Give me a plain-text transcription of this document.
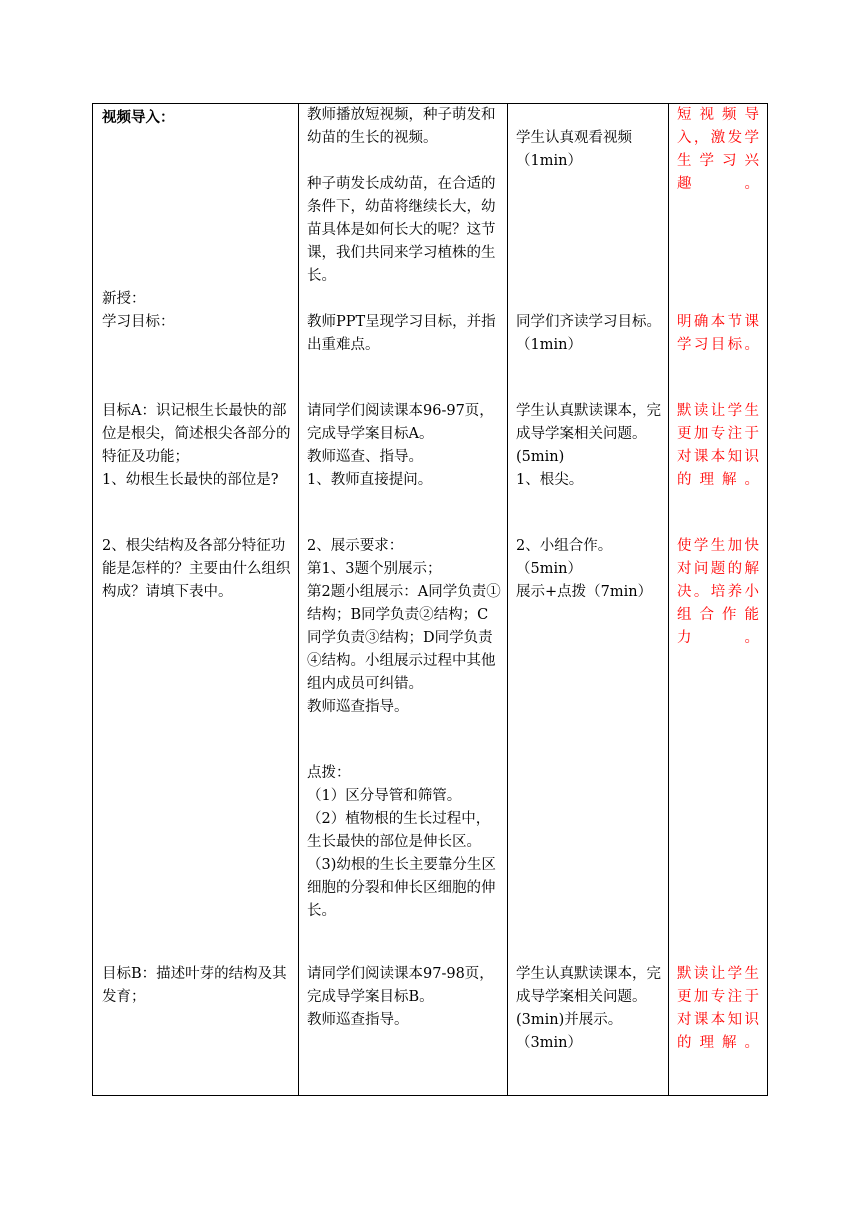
视频导入：

新授：

学习目标：

目标A：识记根生长最快的部位是根尖，简述根尖各部分的特征及功能；
1、幼根生长最快的部位是?

2、根尖结构及各部分特征功能是怎样的？主要由什么组织构成？请填下表中。

目标B：描述叶芽的结构及其发育；

教师播放短视频，种子萌发和幼苗的生长的视频。

种子萌发长成幼苗，在合适的条件下，幼苗将继续长大，幼苗具体是如何长大的呢？这节课，我们共同来学习植株的生长。

教师PPT呈现学习目标，并指出重难点。

请同学们阅读课本96-97页，完成导学案目标A。
教师巡查、指导。
1、教师直接提问。

2、展示要求：
第1、3题个别展示；
第2题小组展示：A同学负责①结构；B同学负责②结构；C同学负责③结构；D同学负责④结构。小组展示过程中其他组内成员可纠错。
教师巡查指导。

点拨：
（1）区分导管和筛管。
（2）植物根的生长过程中，生长最快的部位是伸长区。
（3)幼根的生长主要靠分生区细胞的分裂和伸长区细胞的伸长。

请同学们阅读课本97-98页，完成导学案目标B。
教师巡查指导。

学生认真观看视频
（1min）

同学们齐读学习目标。（1min）

学生认真默读课本，完成导学案相关问题。(5min)
1、根尖。

2、小组合作。（5min）
展示+点拨（7min）

学生认真默读课本，完成导学案相关问题。(3min)并展示。（3min）

短视频导入，激发学生学习兴趣。

明确本节课学习目标。

默读让学生更加专注于对课本知识的理解。

使学生加快对问题的解决。培养小组合作能力。

默读让学生更加专注于对课本知识的理解。
